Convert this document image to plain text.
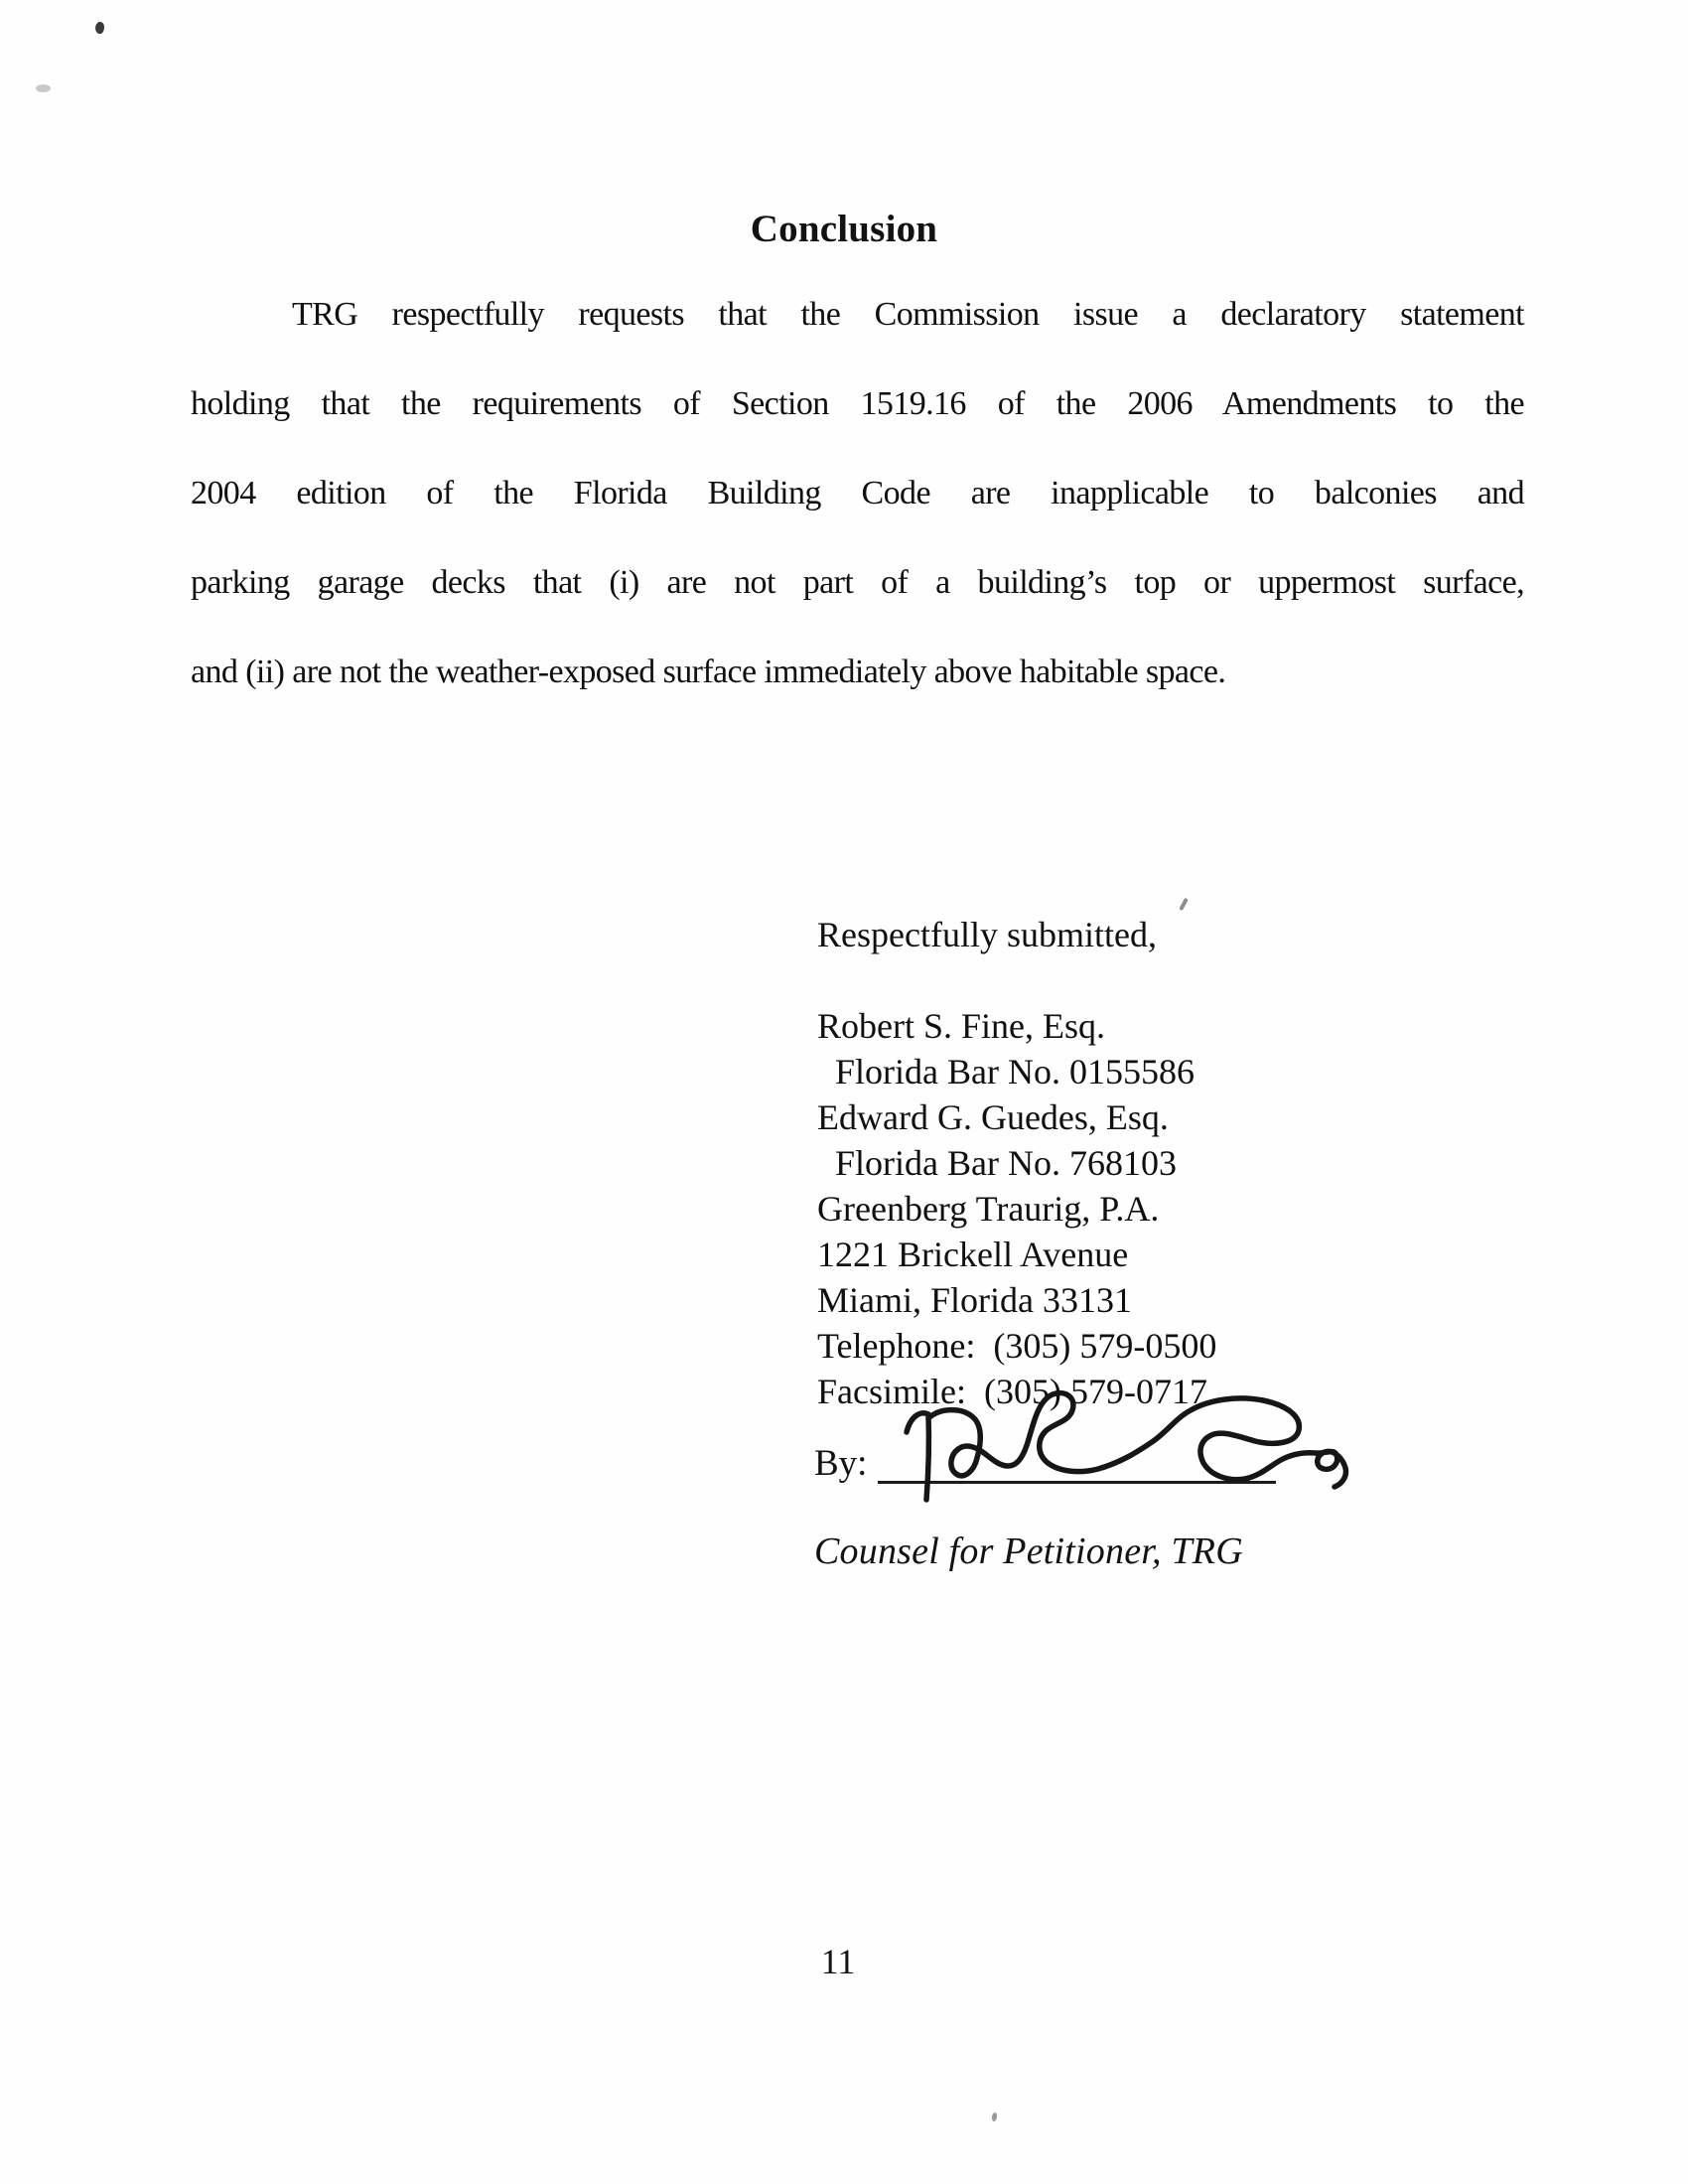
Conclusion
TRG respectfully requests that the Commission issue a declaratory statement
holding that the requirements of Section 1519.16 of the 2006 Amendments to the
2004 edition of the Florida Building Code are inapplicable to balconies and
parking garage decks that (i) are not part of a building’s top or uppermost surface,
and (ii) are not the weather-exposed surface immediately above habitable space.
Respectfully submitted,
Robert S. Fine, Esq.
Florida Bar No. 0155586
Edward G. Guedes, Esq.
Florida Bar No. 768103
Greenberg Traurig, P.A.
1221 Brickell Avenue
Miami, Florida 33131
Telephone:  (305) 579-0500
Facsimile:  (305) 579-0717
By:
Counsel for Petitioner, TRG
11
